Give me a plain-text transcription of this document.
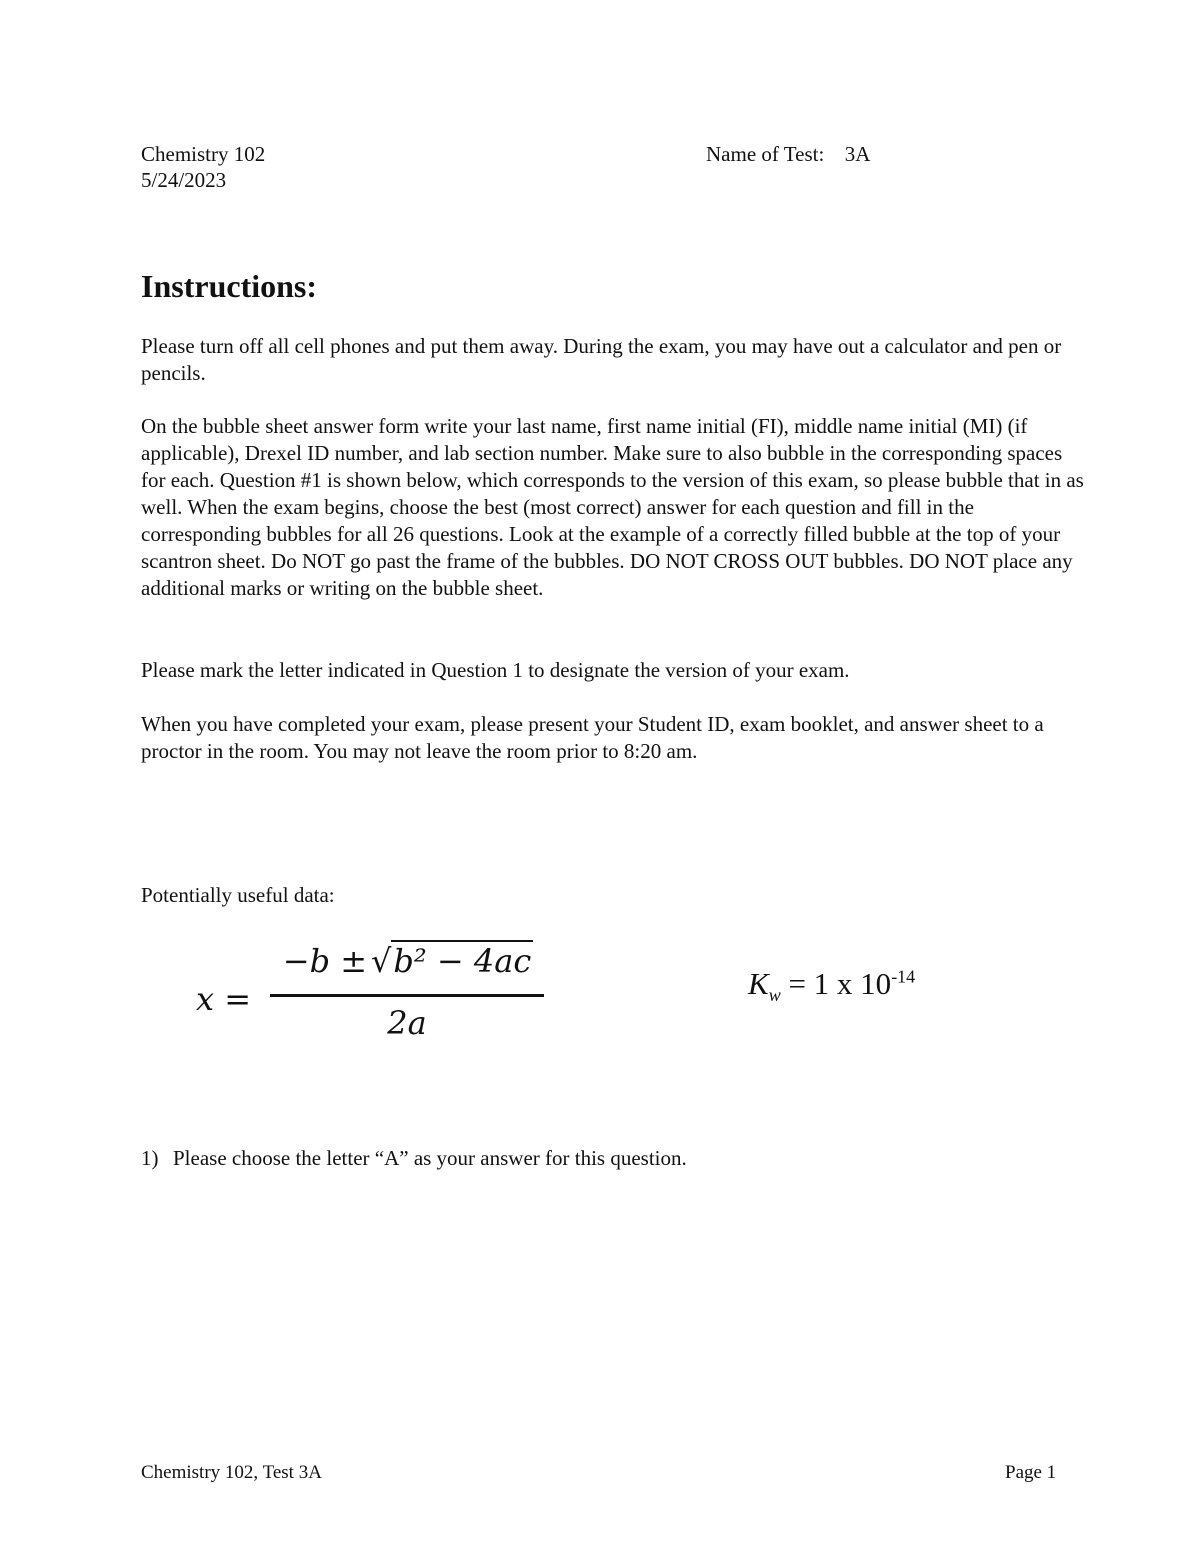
Chemistry 102
5/24/2023
Name of Test: 3A
Instructions:
Please turn off all cell phones and put them away. During the exam, you may have out a calculator and pen or pencils.
On the bubble sheet answer form write your last name, first name initial (FI), middle name initial (MI) (if applicable), Drexel ID number, and lab section number. Make sure to also bubble in the corresponding spaces for each. Question #1 is shown below, which corresponds to the version of this exam, so please bubble that in as well. When the exam begins, choose the best (most correct) answer for each question and fill in the corresponding bubbles for all 26 questions. Look at the example of a correctly filled bubble at the top of your scantron sheet. Do NOT go past the frame of the bubbles. DO NOT CROSS OUT bubbles. DO NOT place any additional marks or writing on the bubble sheet.
Please mark the letter indicated in Question 1 to designate the version of your exam.
When you have completed your exam, please present your Student ID, exam booklet, and answer sheet to a proctor in the room. You may not leave the room prior to 8:20 am.
Potentially useful data:
x =
−b ± √b² − 4ac
2a
$K_w = 1$ x $10^{-14}$
1) Please choose the letter “A” as your answer for this question.
Chemistry 102, Test 3A	Page 1
